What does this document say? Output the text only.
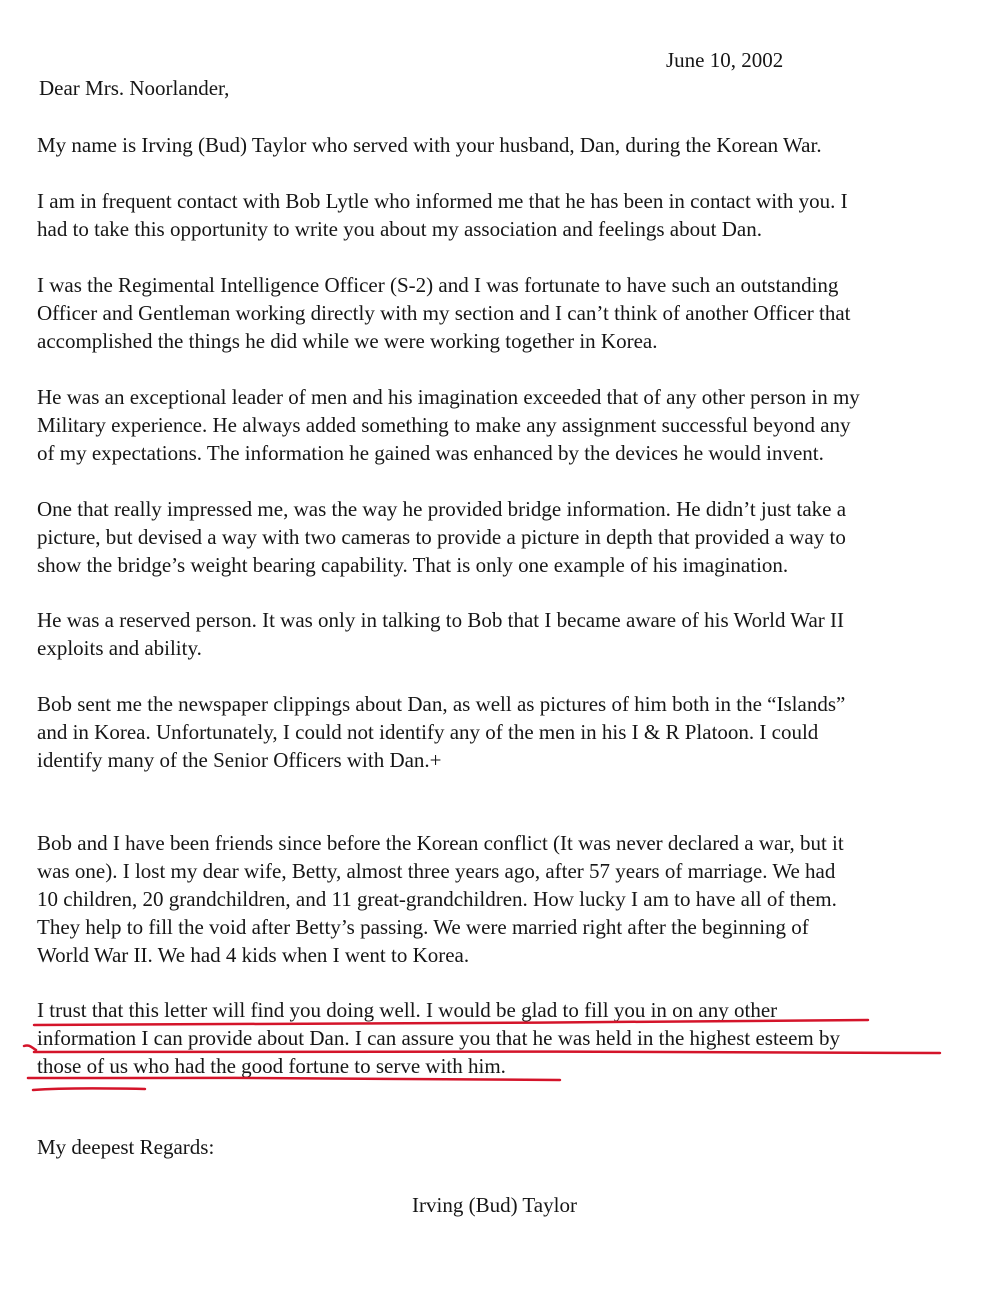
June 10, 2002
Dear Mrs. Noorlander,
My name is Irving (Bud) Taylor who served with your husband, Dan, during the Korean War.
I am in frequent contact with Bob Lytle who informed me that he has been in contact with you. I
had to take this opportunity to write you about my association and feelings about Dan.
I was the Regimental Intelligence Officer (S-2) and I was fortunate to have such an outstanding
Officer and Gentleman working directly with my section and I can’t think of another Officer that
accomplished the things he did while we were working together in Korea.
He was an exceptional leader of men and his imagination exceeded that of any other person in my
Military experience. He always added something to make any assignment successful beyond any
of my expectations. The information he gained was enhanced by the devices he would invent.
One that really impressed me, was the way he provided bridge information. He didn’t just take a
picture, but devised a way with two cameras to provide a picture in depth that provided a way to
show the bridge’s weight bearing capability. That is only one example of his imagination.
He was a reserved person. It was only in talking to Bob that I became aware of his World War II
exploits and ability.
Bob sent me the newspaper clippings about Dan, as well as pictures of him both in the “Islands”
and in Korea. Unfortunately, I could not identify any of the men in his I & R Platoon. I could
identify many of the Senior Officers with Dan.+
Bob and I have been friends since before the Korean conflict (It was never declared a war, but it
was one). I lost my dear wife, Betty, almost three years ago, after 57 years of marriage. We had
10 children, 20 grandchildren, and 11 great-grandchildren. How lucky I am to have all of them.
They help to fill the void after Betty’s passing. We were married right after the beginning of
World War II. We had 4 kids when I went to Korea.
I trust that this letter will find you doing well. I would be glad to fill you in on any other
information I can provide about Dan. I can assure you that he was held in the highest esteem by
those of us who had the good fortune to serve with him.
My deepest Regards:
Irving (Bud) Taylor
